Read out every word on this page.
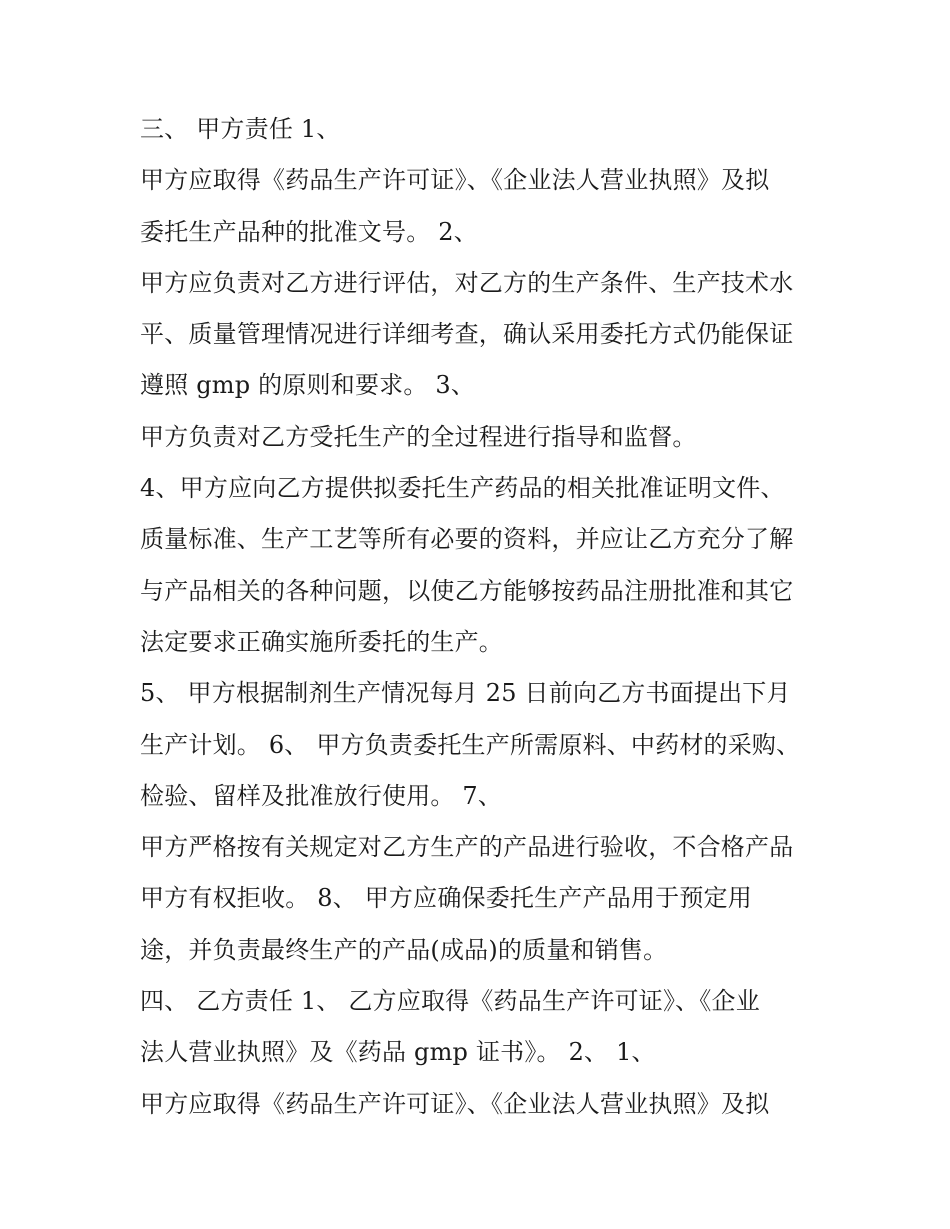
三、 甲方责任 1、
甲方应取得《药品生产许可证》、《企业法人营业执照》及拟
委托生产品种的批准文号。 2、
甲方应负责对乙方进行评估，对乙方的生产条件、生产技术水
平、质量管理情况进行详细考查，确认采用委托方式仍能保证
遵照 gmp 的原则和要求。 3、
甲方负责对乙方受托生产的全过程进行指导和监督。
4、甲方应向乙方提供拟委托生产药品的相关批准证明文件、
质量标准、生产工艺等所有必要的资料，并应让乙方充分了解
与产品相关的各种问题，以使乙方能够按药品注册批准和其它
法定要求正确实施所委托的生产。
5、 甲方根据制剂生产情况每月 25 日前向乙方书面提出下月
生产计划。 6、 甲方负责委托生产所需原料、中药材的采购、
检验、留样及批准放行使用。 7、
甲方严格按有关规定对乙方生产的产品进行验收，不合格产品
甲方有权拒收。 8、 甲方应确保委托生产产品用于预定用
途，并负责最终生产的产品(成品)的质量和销售。
四、 乙方责任 1、 乙方应取得《药品生产许可证》、《企业
法人营业执照》及《药品 gmp 证书》。 2、 1、
甲方应取得《药品生产许可证》、《企业法人营业执照》及拟
